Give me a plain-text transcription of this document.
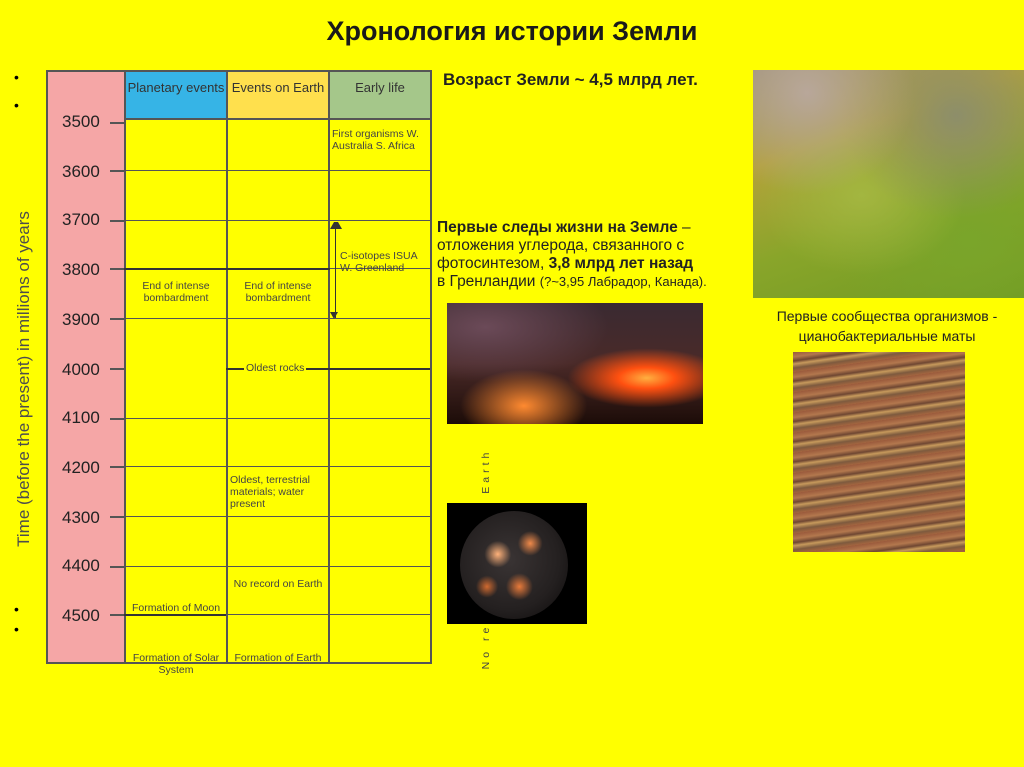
Хронология истории Земли
•
•
•
•
Time (before the present) in millions of years
Planetary events Events on Earth	Early life
3500
3600
3700
3800
3900
4000
4100
4200
4300
4400
4500
First organisms W. Australia S. Africa
C-isotopes ISUA W. Greenland
End of intense bombardment
End of intense bombardment
Oldest rocks
Oldest, terrestrial materials; water present
No record on Earth
Formation of Moon
Formation of Solar System
Formation of Earth
Возраст Земли ~ 4,5 млрд лет.
Первые следы жизни на Земле –
отложения углерода, связанного с фотосинтезом, 3,8 млрд лет назад
в Гренландии (?~3,95 Лабрадор, Канада).
Первые сообщества организмов - цианобактериальные маты
